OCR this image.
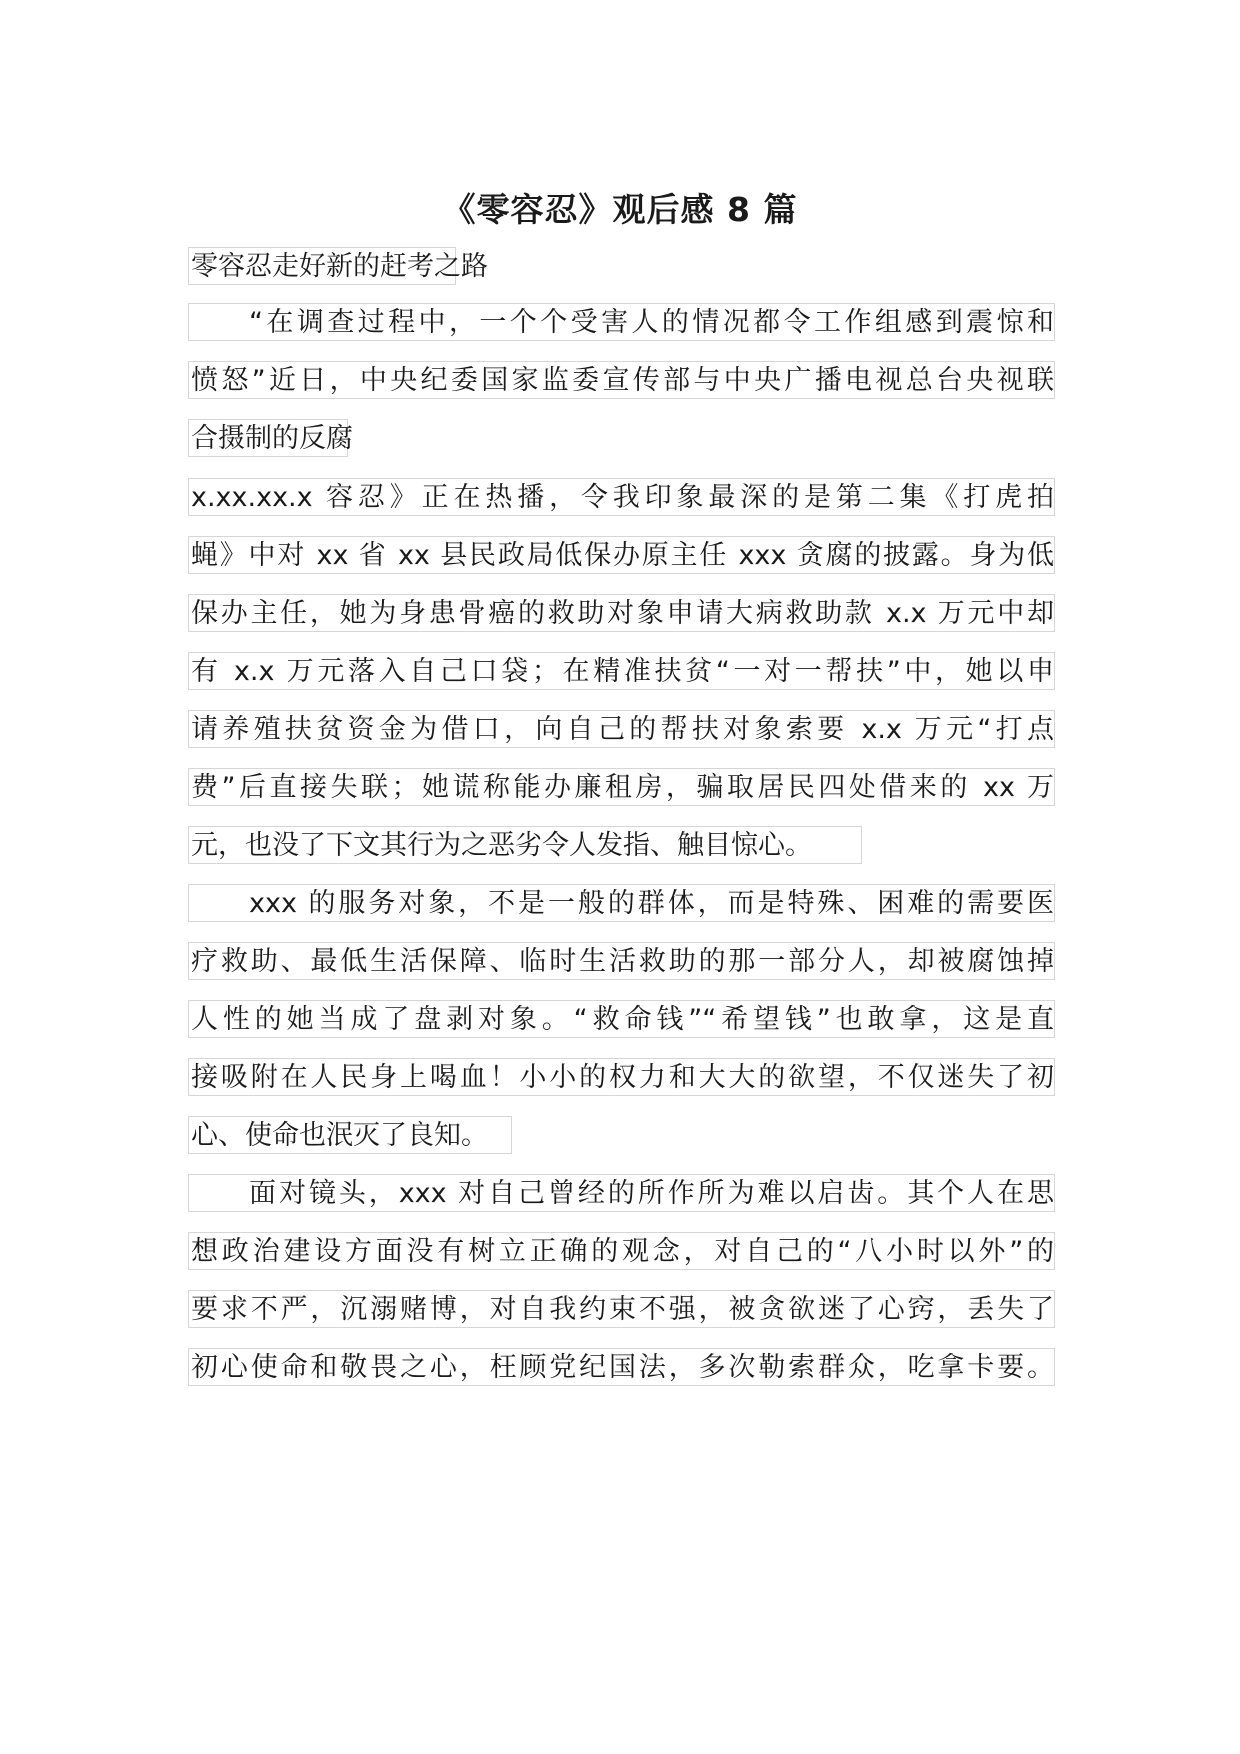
《零容忍》观后感 8 篇
零容忍走好新的赶考之路
“在调查过程中，一个个受害人的情况都令工作组感到震惊和
愤怒”近日，中央纪委国家监委宣传部与中央广播电视总台央视联
合摄制的反腐
x.xx.xx.x 容忍》正在热播，令我印象最深的是第二集《打虎拍
蝇》中对 xx 省 xx 县民政局低保办原主任 xxx 贪腐的披露。身为低
保办主任，她为身患骨癌的救助对象申请大病救助款 x.x 万元中却
有 x.x 万元落入自己口袋；在精准扶贫“一对一帮扶”中，她以申
请养殖扶贫资金为借口，向自己的帮扶对象索要 x.x 万元“打点
费”后直接失联；她谎称能办廉租房，骗取居民四处借来的 xx 万
元，也没了下文其行为之恶劣令人发指、触目惊心。
xxx 的服务对象，不是一般的群体，而是特殊、困难的需要医
疗救助、最低生活保障、临时生活救助的那一部分人，却被腐蚀掉
人性的她当成了盘剥对象。“救命钱”“希望钱”也敢拿，这是直
接吸附在人民身上喝血！小小的权力和大大的欲望，不仅迷失了初
心、使命也泯灭了良知。
面对镜头，xxx 对自己曾经的所作所为难以启齿。其个人在思
想政治建设方面没有树立正确的观念，对自己的“八小时以外”的
要求不严，沉溺赌博，对自我约束不强，被贪欲迷了心窍，丢失了
初心使命和敬畏之心，枉顾党纪国法，多次勒索群众，吃拿卡要。
